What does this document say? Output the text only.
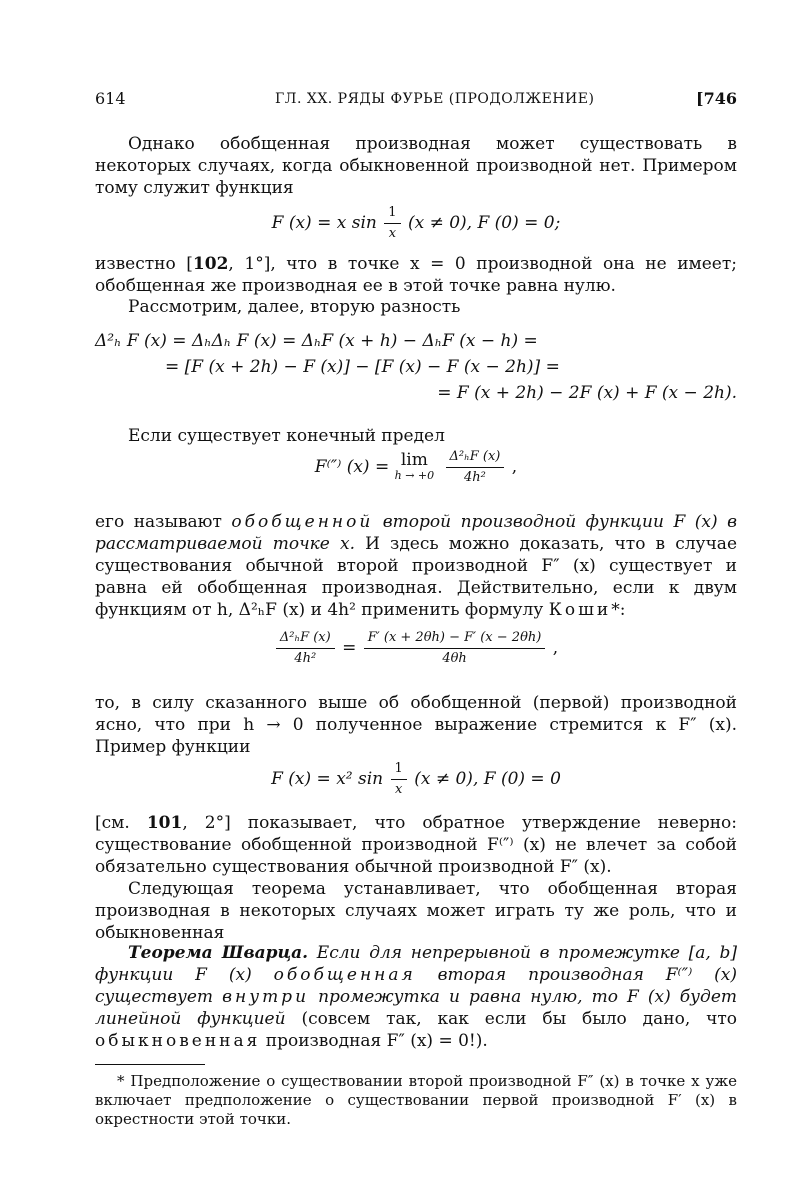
614	ГЛ. XX. РЯДЫ ФУРЬЕ (ПРОДОЛЖЕНИЕ)	[746
Однако обобщенная производная может существовать в некоторых случаях, когда обыкновенной производной нет. Примером тому служит функция
F (x) = x $\sin \frac{1}{x} (x \ne 0)$, F (0) = 0;
известно [102, 1°], что в точке x = 0 производной она не имеет; обобщенная же производная ее в этой точке равна нулю.
Рассмотрим, далее, вторую разность
Δ²ₕ F (x) = ΔₕΔₕ F (x) = ΔₕF (x + h) − ΔₕF (x − h) =
= [F (x + 2h) − F (x)] − [F (x) − F (x − 2h)] =
= F (x + 2h) − 2F (x) + F (x − 2h).
Если существует конечный предел
F⁽″⁾ (x) = lim
h → +0
$\frac{\text{Δ²ₕF (x)}}{\text{4h²}}$ ,
его называют обобщенной второй производной функции F (x) в рассматриваемой точке x. И здесь можно доказать, что в случае существования обычной второй производной F″ (x) существует и равна ей обобщенная производная. Действительно, если к двум функциям от h, Δ²ₕF (x) и 4h² применить формулу Коши*:
$\frac{\text{Δ²ₕF (x)}}{\text{4h²}} = \frac{F' (x + 2\theta h) - F' (x - 2\theta h)}{4\theta h}$ ,
то, в силу сказанного выше об обобщенной (первой) производной ясно, что при h → 0 полученное выражение стремится к F″ (x). Пример функции
F (x) = x² $\sin \frac{1}{x} (x \ne 0)$, F (0) = 0
[см. 101, 2°] показывает, что обратное утверждение неверно: существование обобщенной производной F⁽″⁾ (x) не влечет за собой обязательно существования обычной производной F″ (x).
Следующая теорема устанавливает, что обобщенная вторая производная в некоторых случаях может играть ту же роль, что и обыкновенная
Теорема Шварца. Если для непрерывной в промежутке [a, b] функции F (x) обобщенная вторая производная F⁽″⁾ (x) существует внутри промежутка и равна нулю, то F (x) будет линейной функцией (совсем так, как если бы было дано, что обыкновенная производная F″ (x) = 0!).
* Предположение о существовании второй производной F″ (x) в точке x уже включает предположение о существовании первой производной F′ (x) в окрестности этой точки.
